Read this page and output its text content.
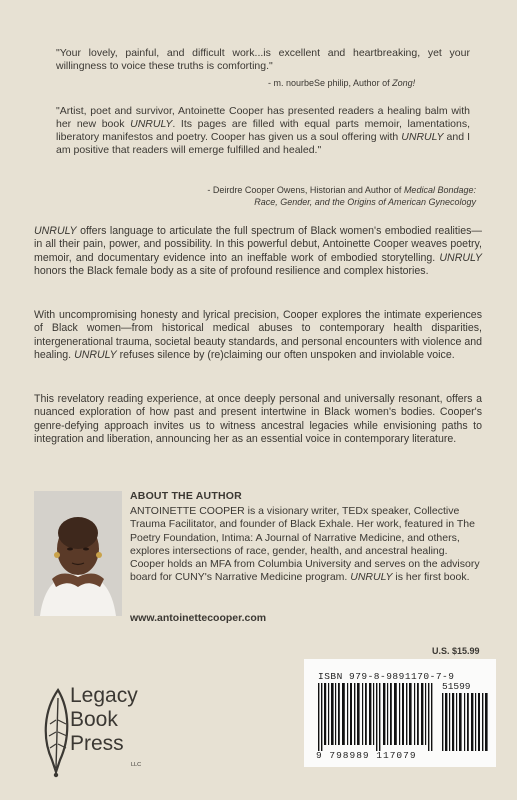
"Your lovely, painful, and difficult work...is excellent and heartbreaking, yet your willingness to voice these truths is comforting."
- m. nourbeSe philip, Author of Zong!
"Artist, poet and survivor, Antoinette Cooper has presented readers a healing balm with her new book UNRULY. Its pages are filled with equal parts memoir, lamentations, liberatory manifestos and poetry. Cooper has given us a soul offering with UNRULY and I am positive that readers will emerge fulfilled and healed."
- Deirdre Cooper Owens, Historian and Author of Medical Bondage:
Race, Gender, and the Origins of American Gynecology
UNRULY offers language to articulate the full spectrum of Black women's embodied realities—in all their pain, power, and possibility. In this powerful debut, Antoinette Cooper weaves poetry, memoir, and documentary evidence into an ineffable work of embodied storytelling. UNRULY honors the Black female body as a site of profound resilience and complex histories.
With uncompromising honesty and lyrical precision, Cooper explores the intimate experiences of Black women—from historical medical abuses to contemporary health disparities, intergenerational trauma, societal beauty standards, and personal encounters with violence and healing. UNRULY refuses silence by (re)claiming our often unspoken and inviolable voice.
This revelatory reading experience, at once deeply personal and universally resonant, offers a nuanced exploration of how past and present intertwine in Black women's bodies. Cooper's genre-defying approach invites us to witness ancestral legacies while envisioning paths to integration and liberation, announcing her as an essential voice in contemporary literature.
ABOUT THE AUTHOR
ANTOINETTE COOPER is a visionary writer, TEDx speaker, Collective Trauma Facilitator, and founder of Black Exhale. Her work, featured in The Poetry Foundation, Intima: A Journal of Narrative Medicine, and others, explores intersections of race, gender, health, and ancestral healing. Cooper holds an MFA from Columbia University and serves on the advisory board for CUNY's Narrative Medicine program. UNRULY is her first book.
www.antoinettecooper.com
U.S. $15.99
ISBN 979-8-9891170-7-9
51599
9 798989 117079
Legacy
Book
Press
LLC
